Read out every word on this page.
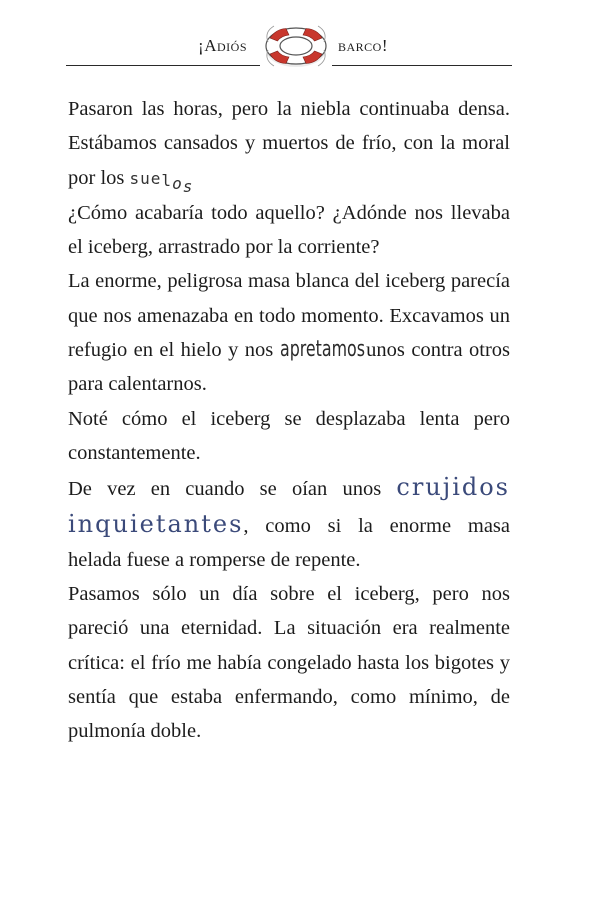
¡Adiós	barco!

Pasaron las horas, pero la niebla continuaba densa. Estábamos cansados y muertos de frío, con la moral por los suelos

¿Cómo acabaría todo aquello? ¿Adónde nos llevaba el iceberg, arrastrado por la corriente?

La enorme, peligrosa masa blanca del iceberg parecía que nos amenazaba en todo momento. Excavamos un refugio en el hielo y nos apretamos unos contra otros para calentarnos.

Noté cómo el iceberg se desplazaba lenta pero constantemente.

De vez en cuando se oían unos crujidos inquietantes, como si la enorme masa helada fuese a romperse de repente.

Pasamos sólo un día sobre el iceberg, pero nos pareció una eternidad. La situación era realmente crítica: el frío me había congelado hasta los bigotes y sentía que estaba enfermando, como mínimo, de pulmonía doble.
